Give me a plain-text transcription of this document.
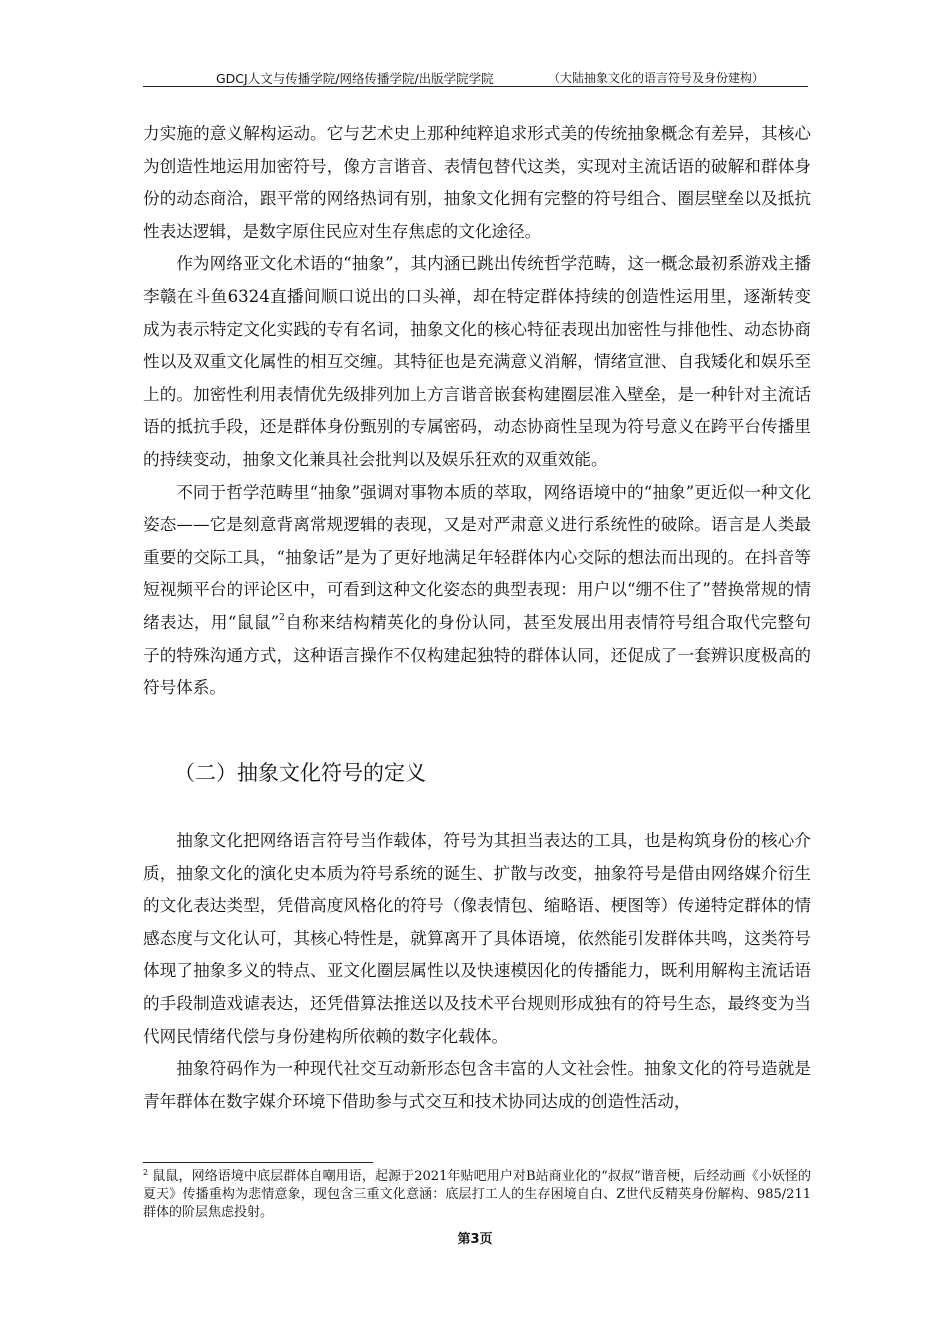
GDCJ人文与传播学院/网络传播学院/出版学院学院	（大陆抽象文化的语言符号及身份建构）

力实施的意义解构运动。它与艺术史上那种纯粹追求形式美的传统抽象概念有差异，其核心为创造性地运用加密符号，像方言谐音、表情包替代这类，实现对主流话语的破解和群体身份的动态商洽，跟平常的网络热词有别，抽象文化拥有完整的符号组合、圈层壁垒以及抵抗性表达逻辑，是数字原住民应对生存焦虑的文化途径。

作为网络亚文化术语的“抽象”，其内涵已跳出传统哲学范畴，这一概念最初系游戏主播李赣在斗鱼6324直播间顺口说出的口头禅，却在特定群体持续的创造性运用里，逐渐转变成为表示特定文化实践的专有名词，抽象文化的核心特征表现出加密性与排他性、动态协商性以及双重文化属性的相互交缠。其特征也是充满意义消解，情绪宣泄、自我矮化和娱乐至上的。加密性利用表情优先级排列加上方言谐音嵌套构建圈层准入壁垒，是一种针对主流话语的抵抗手段，还是群体身份甄别的专属密码，动态协商性呈现为符号意义在跨平台传播里的持续变动，抽象文化兼具社会批判以及娱乐狂欢的双重效能。

不同于哲学范畴里“抽象”强调对事物本质的萃取，网络语境中的“抽象”更近似一种文化姿态——它是刻意背离常规逻辑的表现，又是对严肃意义进行系统性的破除。语言是人类最重要的交际工具，“抽象话”是为了更好地满足年轻群体内心交际的想法而出现的。在抖音等短视频平台的评论区中，可看到这种文化姿态的典型表现：用户以“绷不住了”替换常规的情绪表达，用“鼠鼠”$^2$自称来结构精英化的身份认同，甚至发展出用表情符号组合取代完整句子的特殊沟通方式，这种语言操作不仅构建起独特的群体认同，还促成了一套辨识度极高的符号体系。

（二）抽象文化符号的定义

抽象文化把网络语言符号当作载体，符号为其担当表达的工具，也是构筑身份的核心介质，抽象文化的演化史本质为符号系统的诞生、扩散与改变，抽象符号是借由网络媒介衍生的文化表达类型，凭借高度风格化的符号（像表情包、缩略语、梗图等）传递特定群体的情感态度与文化认可，其核心特性是，就算离开了具体语境，依然能引发群体共鸣，这类符号体现了抽象多义的特点、亚文化圈层属性以及快速模因化的传播能力，既利用解构主流话语的手段制造戏谑表达，还凭借算法推送以及技术平台规则形成独有的符号生态，最终变为当代网民情绪代偿与身份建构所依赖的数字化载体。

抽象符码作为一种现代社交互动新形态包含丰富的人文社会性。抽象文化的符号造就是青年群体在数字媒介环境下借助参与式交互和技术协同达成的创造性活动，

$^2$ 鼠鼠，网络语境中底层群体自嘲用语，起源于2021年贴吧用户对B站商业化的“叔叔”谐音梗，后经动画《小妖怪的夏天》传播重构为悲情意象，现包含三重文化意涵：底层打工人的生存困境自白、Z世代反精英身份解构、985/211群体的阶层焦虑投射。
第3页
